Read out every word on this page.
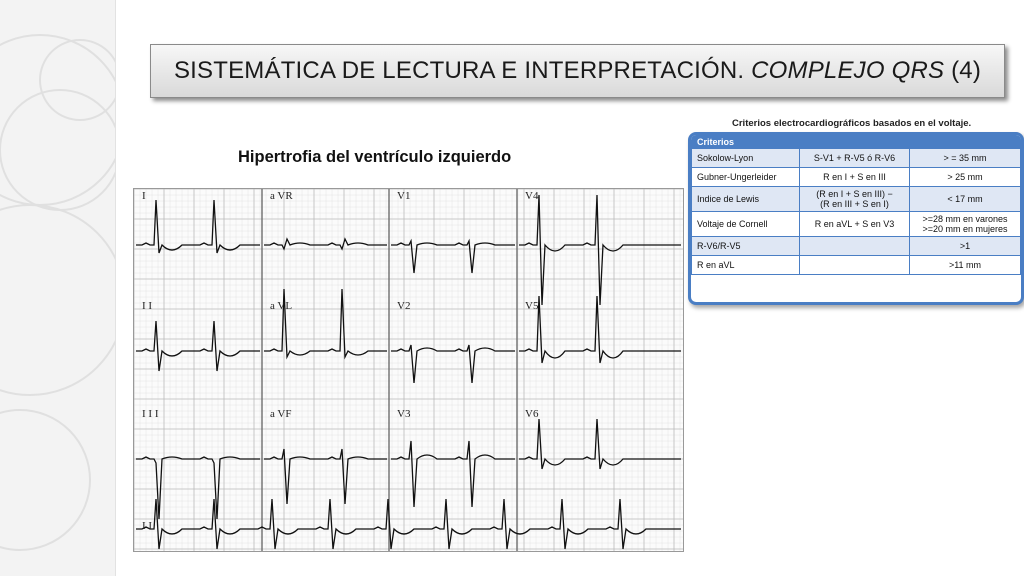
SISTEMÁTICA DE LECTURA E INTERPRETACIÓN. COMPLEJO QRS (4)
Hipertrofia del ventrículo izquierdo
I	a VR	V1	V4
I I	a VL	V2	V5
I I I	a VF	V3	V6
I I
Criterios electrocardiográficos basados en el voltaje.
Criterios		
Sokolow-Lyon	S-V1 + R-V5 ó R-V6	> = 35 mm
Gubner-Ungerleider	R en I + S en III	> 25 mm
Indice de Lewis	(R en I + S en III) −
(R en III + S en I)	< 17 mm
Voltaje de Cornell	R en aVL + S en V3	>=28 mm en varones
>=20 mm en mujeres
R-V6/R-V5		>1
R en aVL		>11 mm
